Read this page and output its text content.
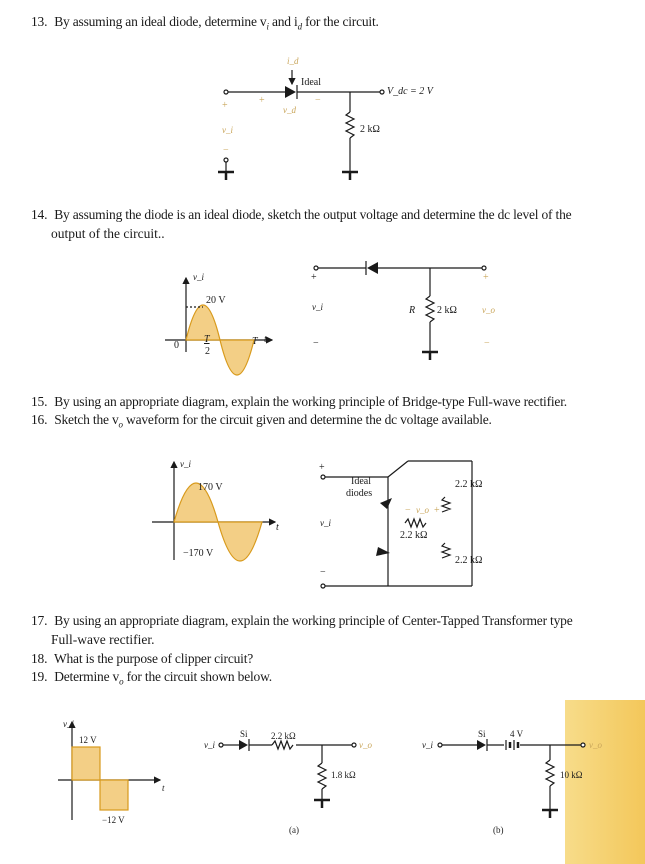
13. By assuming an ideal diode, determine $v_i$ and $i_d$ for the circuit.
14. By assuming the diode is an ideal diode, sketch the output voltage and determine the dc level of the
output of the circuit..
15. By using an appropriate diagram, explain the working principle of Bridge-type Full-wave rectifier.
16. Sketch the $v_o$ waveform for the circuit given and determine the dc voltage available.
17. By using an appropriate diagram, explain the working principle of Center-Tapped Transformer type
Full-wave rectifier.
18. What is the purpose of clipper circuit?
19. Determine $v_o$ for the circuit shown below.
i_d
Ideal
v_d
+	−
V_dc = 2 V
2 kΩ
+
v_i
−
v_i
20 V
0
T
2
T t
+
v_i
−
R 2 kΩ
+
v_o
−
v_i
170 V
−170 V
t
Ideal
diodes
2.2 kΩ
2.2 kΩ
2.2 kΩ
+
v_i
−
− v_o +
v_i
12 V
−12 V
t
Si	2.2 kΩ
1.8 kΩ
v_i	v_o
(a)
Si	4 V
10 kΩ
v_i	v_o
(b)
